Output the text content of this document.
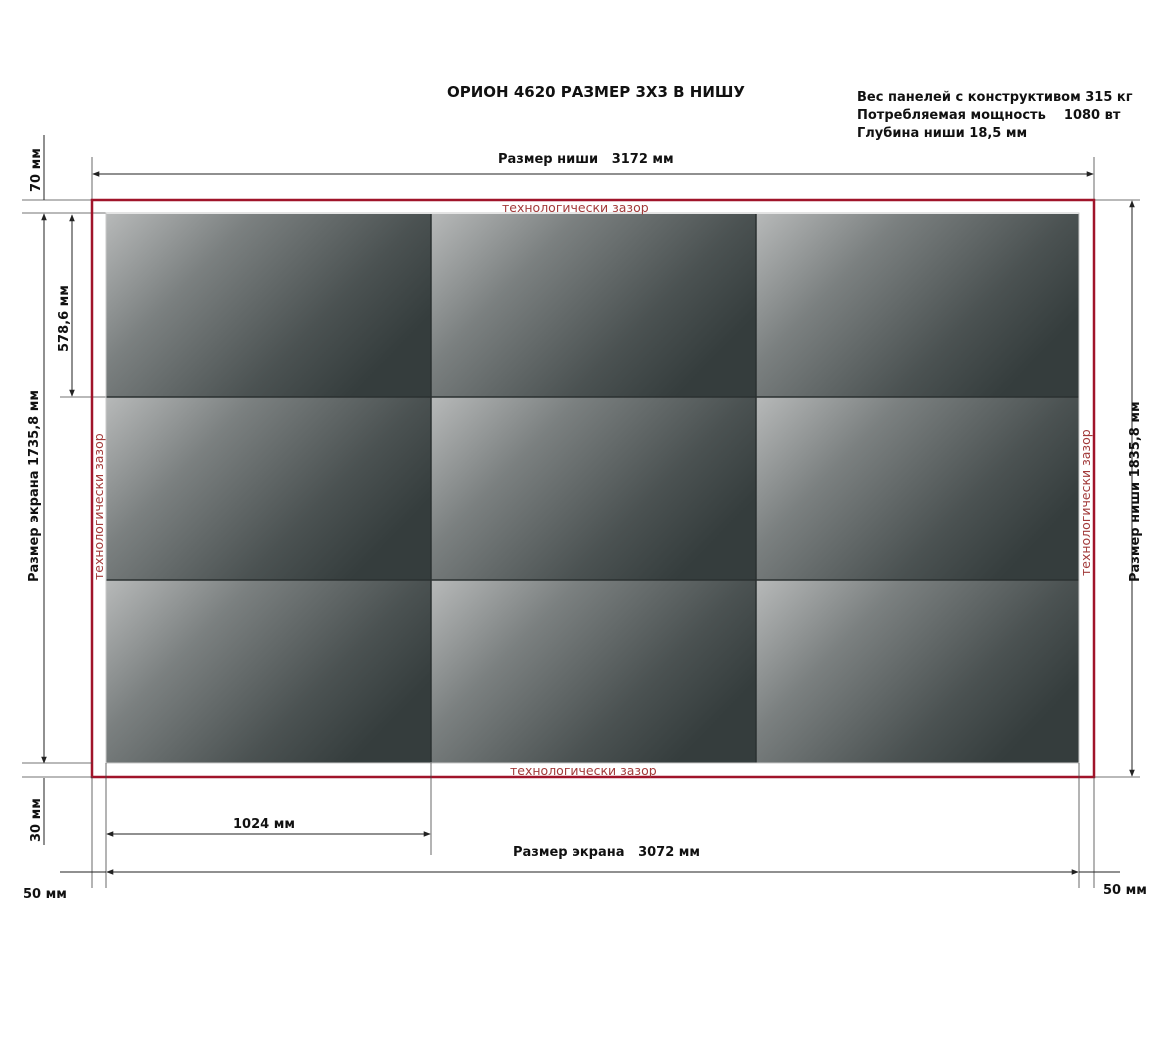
ОРИОН 4620 РАЗМЕР 3Х3 В НИШУ	Вес панелей с конструктивом 315 кг
Потребляемая мощность    1080 вт
Глубина ниши 18,5 мм
Размер ниши   3172 мм
70 мм
Размер экрана 1735,8 мм
578,6 мм
Размер ниши 1835,8 мм
технологически зазор
технологически зазор
технологически зазор	технологически зазор
30 мм	1024 мм
Размер экрана   3072 мм
50 мм	50 мм
